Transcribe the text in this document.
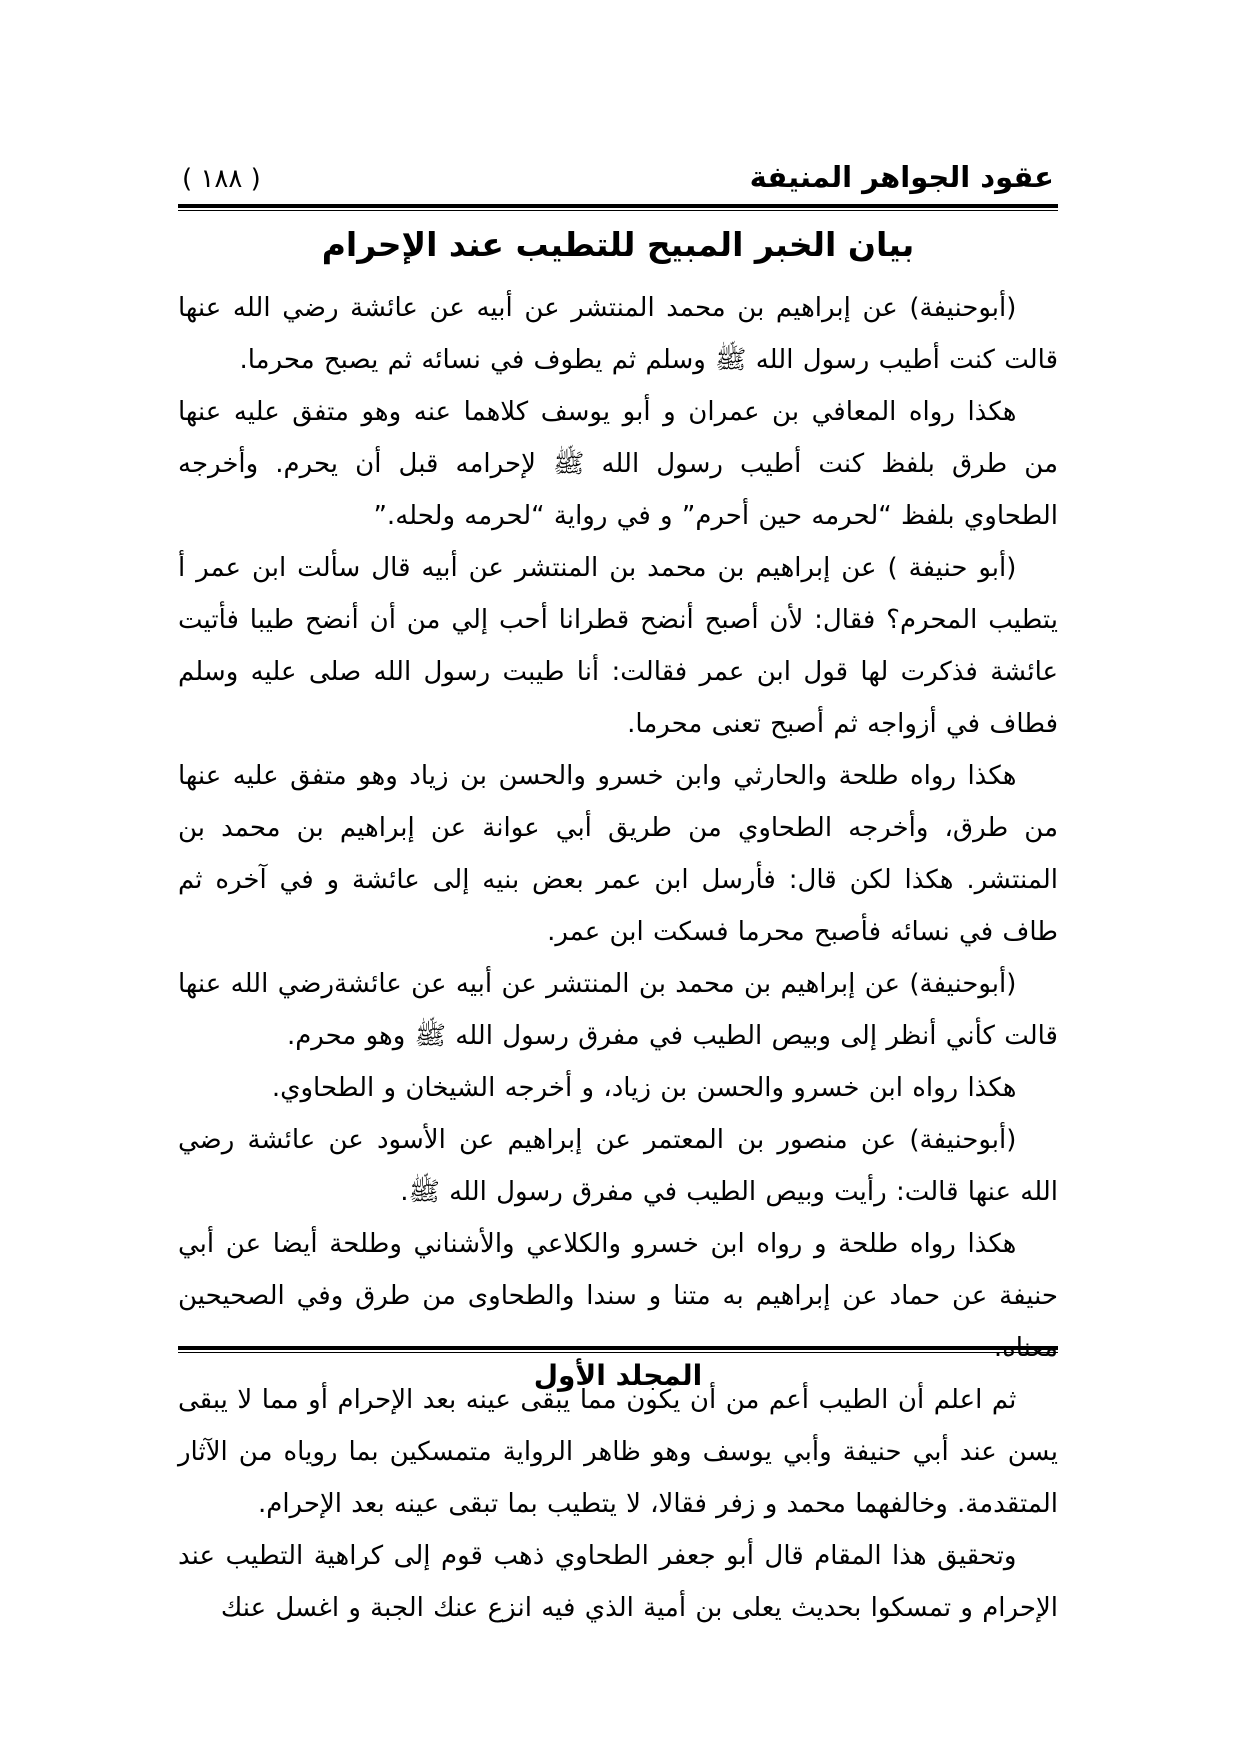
عقود الجواهر المنيفة
( ١٨٨ )
بيان الخبر المبيح للتطيب عند الإحرام

(أبوحنيفة) عن إبراهيم بن محمد المنتشر عن أبيه عن عائشة رضي الله عنها قالت كنت أطيب رسول الله ﷺ وسلم ثم يطوف في نسائه ثم يصبح محرما.

هكذا رواه المعافي بن عمران و أبو يوسف كلاهما عنه وهو متفق عليه عنها من طرق بلفظ كنت أطيب رسول الله ﷺ لإحرامه قبل أن يحرم. وأخرجه الطحاوي بلفظ “لحرمه حين أحرم” و في رواية “لحرمه ولحله.”

(أبو حنيفة ) عن إبراهيم بن محمد بن المنتشر عن أبيه قال سألت ابن عمر أ يتطيب المحرم؟ فقال: لأن أصبح أنضح قطرانا أحب إلي من أن أنضح طيبا فأتيت عائشة فذكرت لها قول ابن عمر فقالت: أنا طيبت رسول الله صلى عليه وسلم فطاف في أزواجه ثم أصبح تعنى محرما.

هكذا رواه طلحة والحارثي وابن خسرو والحسن بن زياد وهو متفق عليه عنها من طرق، وأخرجه الطحاوي من طريق أبي عوانة عن إبراهيم بن محمد بن المنتشر. هكذا لكن قال: فأرسل ابن عمر بعض بنيه إلى عائشة و في آخره ثم طاف في نسائه فأصبح محرما فسكت ابن عمر.

(أبوحنيفة) عن إبراهيم بن محمد بن المنتشر عن أبيه عن عائشةرضي الله عنها قالت كأني أنظر إلى وبيص الطيب في مفرق رسول الله ﷺ وهو محرم.

هكذا رواه ابن خسرو والحسن بن زياد، و أخرجه الشيخان و الطحاوي.

(أبوحنيفة) عن منصور بن المعتمر عن إبراهيم عن الأسود عن عائشة رضي الله عنها قالت: رأيت وبيص الطيب في مفرق رسول الله ﷺ.

هكذا رواه طلحة و رواه ابن خسرو والكلاعي والأشناني وطلحة أيضا عن أبي حنيفة عن حماد عن إبراهيم به متنا و سندا والطحاوى من طرق وفي الصحيحين معناه.

ثم اعلم أن الطيب أعم من أن يكون مما يبقى عينه بعد الإحرام أو مما لا يبقى يسن عند أبي حنيفة وأبي يوسف وهو ظاهر الرواية متمسكين بما روياه من الآثار المتقدمة. وخالفهما محمد و زفر فقالا، لا يتطيب بما تبقى عينه بعد الإحرام.

وتحقيق هذا المقام قال أبو جعفر الطحاوي ذهب قوم إلى كراهية التطيب عند الإحرام و تمسكوا بحديث يعلى بن أمية الذي فيه انزع عنك الجبة و اغسل عنك

المجلد الأول
